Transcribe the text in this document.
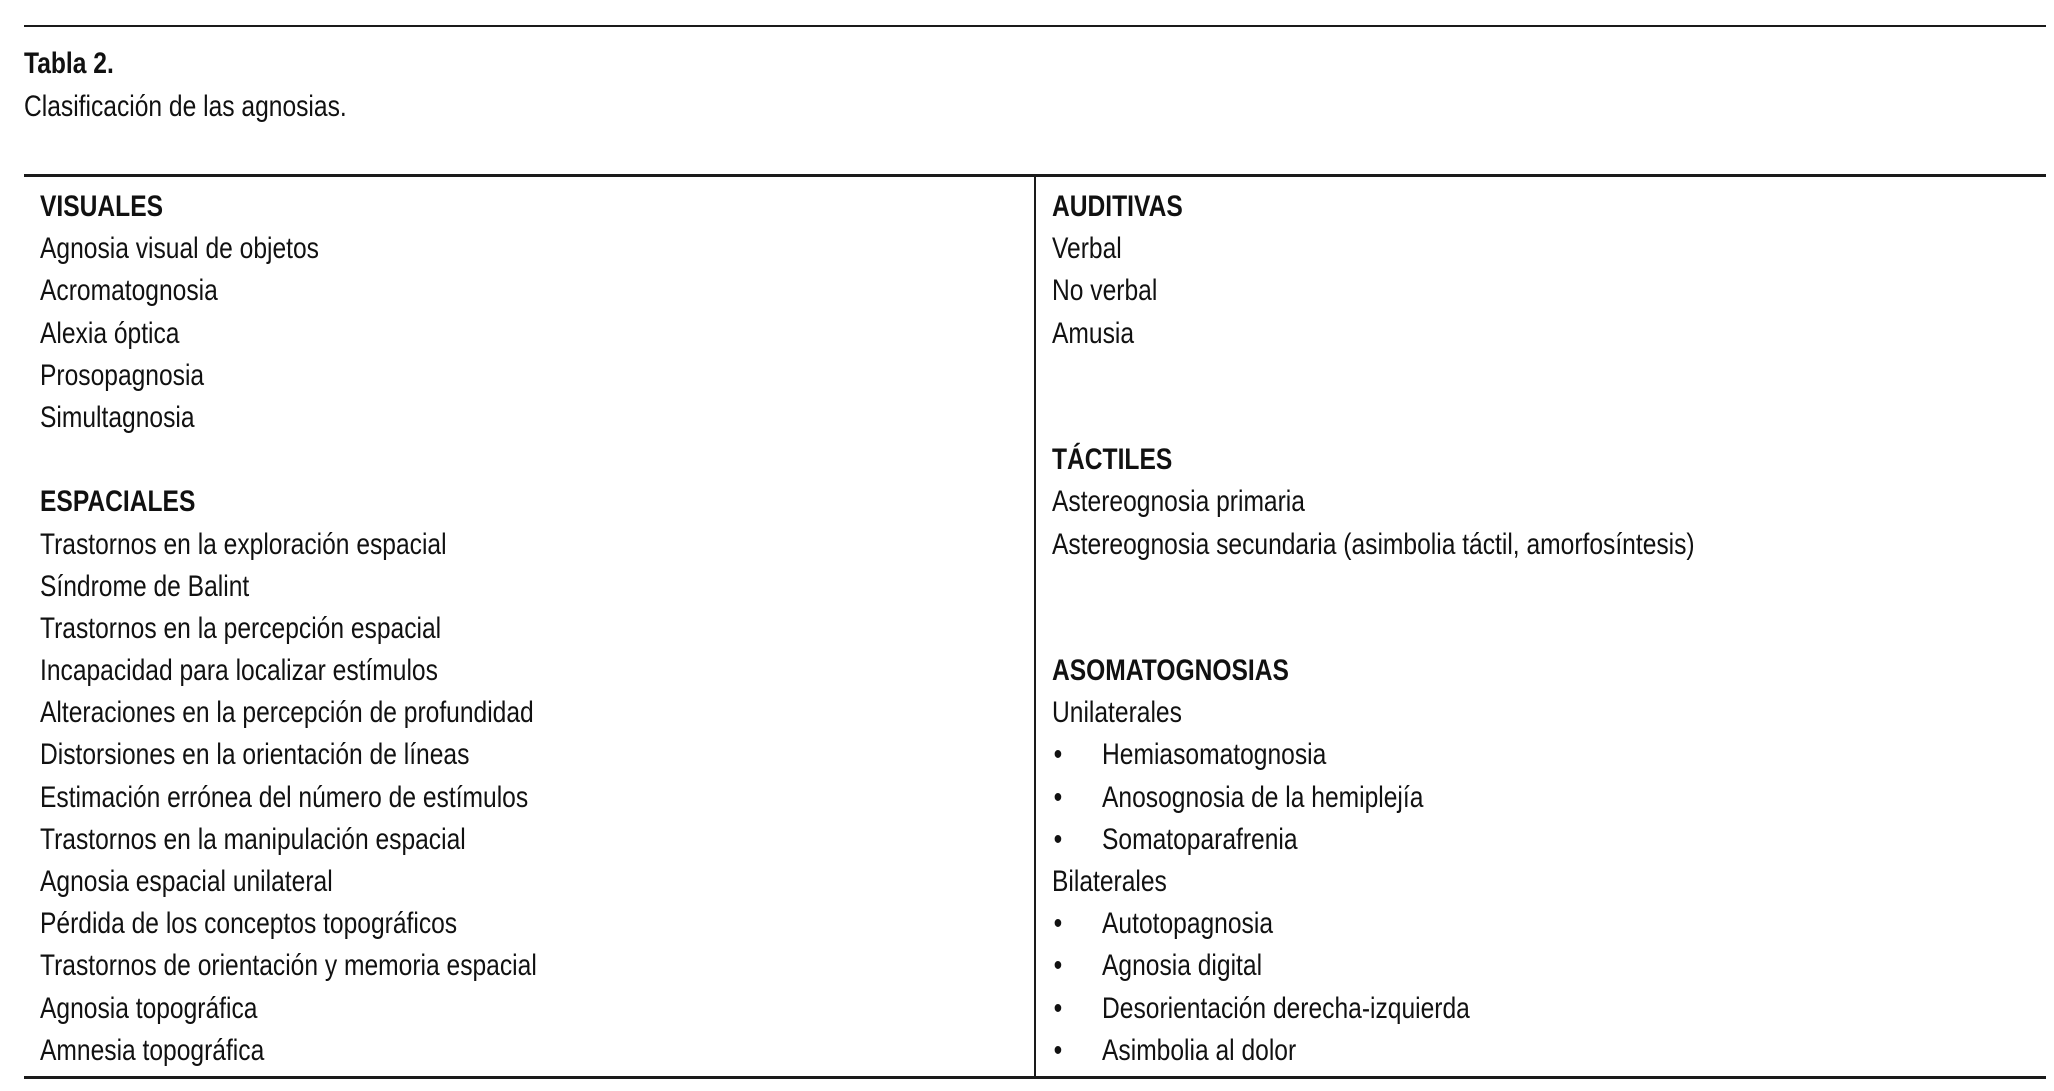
Tabla 2.
Clasificación de las agnosias.
VISUALES
Agnosia visual de objetos
Acromatognosia
Alexia óptica
Prosopagnosia
Simultagnosia
ESPACIALES
Trastornos en la exploración espacial
Síndrome de Balint
Trastornos en la percepción espacial
Incapacidad para localizar estímulos
Alteraciones en la percepción de profundidad
Distorsiones en la orientación de líneas
Estimación errónea del número de estímulos
Trastornos en la manipulación espacial
Agnosia espacial unilateral
Pérdida de los conceptos topográficos
Trastornos de orientación y memoria espacial
Agnosia topográfica
Amnesia topográfica
AUDITIVAS
Verbal
No verbal
Amusia
TÁCTILES
Astereognosia primaria
Astereognosia secundaria (asimbolia táctil, amorfosíntesis)
ASOMATOGNOSIAS
Unilaterales
• Hemiasomatognosia
• Anosognosia de la hemiplejía
• Somatoparafrenia
Bilaterales
• Autotopagnosia
• Agnosia digital
• Desorientación derecha-izquierda
• Asimbolia al dolor
